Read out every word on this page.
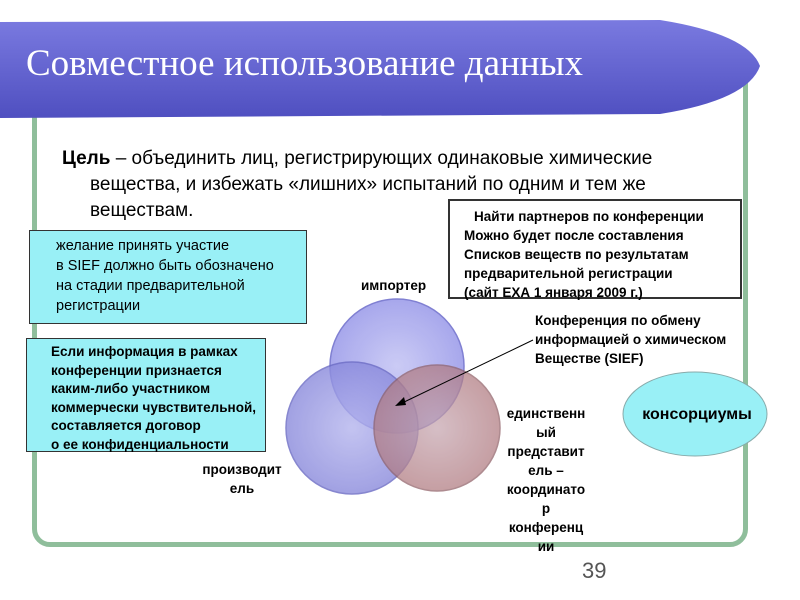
Совместное использование данных
Цель – объединить лиц, регистрирующих одинаковые химические вещества, и избежать «лишних» испытаний по одним и тем же веществам.
желание принять участие
в SIEF должно быть обозначено
на стадии предварительной
регистрации
Если информация в рамках
конференции признается
каким-либо участником
коммерчески чувствительной,
составляется договор
о ее конфиденциальности
Найти партнеров по конференции
Можно будет после составления
Списков веществ по результатам
предварительной регистрации
(сайт ЕХА 1 января 2009 г.)
импортер
производит
ель
единственн
ый
представит
ель –
координато
р
конференц
ии
Конференция по обмену
информацией о химическом
Веществе (SIEF)
консорциумы
39
